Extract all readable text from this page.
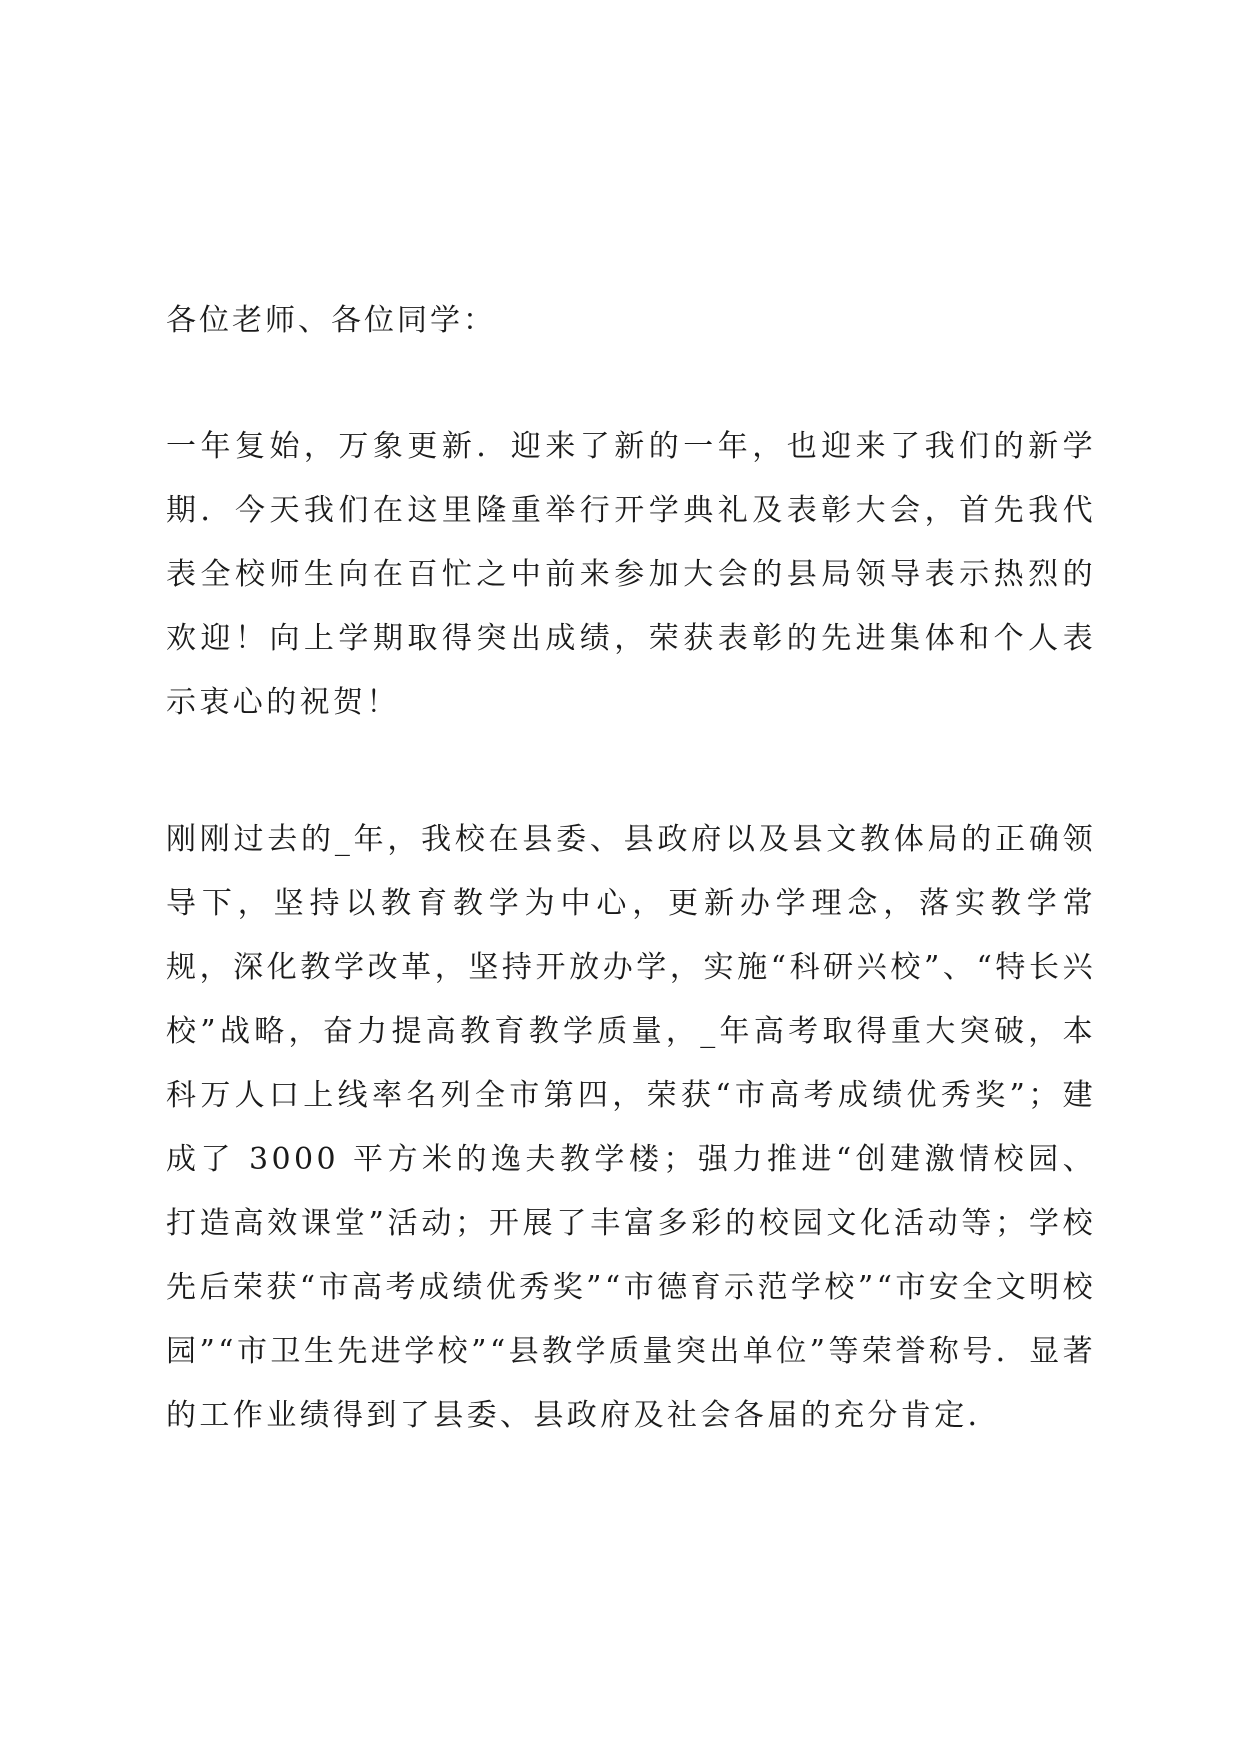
各位老师、各位同学：

一年复始，万象更新．迎来了新的一年，也迎来了我们的新学期．今天我们在这里隆重举行开学典礼及表彰大会，首先我代表全校师生向在百忙之中前来参加大会的县局领导表示热烈的欢迎！向上学期取得突出成绩，荣获表彰的先进集体和个人表示衷心的祝贺！

刚刚过去的_年，我校在县委、县政府以及县文教体局的正确领导下，坚持以教育教学为中心，更新办学理念，落实教学常规，深化教学改革，坚持开放办学，实施“科研兴校”、“特长兴校”战略，奋力提高教育教学质量，_年高考取得重大突破，本科万人口上线率名列全市第四，荣获“市高考成绩优秀奖”；建成了 3000 平方米的逸夫教学楼；强力推进“创建激情校园、打造高效课堂”活动；开展了丰富多彩的校园文化活动等；学校先后荣获“市高考成绩优秀奖”“市德育示范学校”“市安全文明校园”“市卫生先进学校”“县教学质量突出单位”等荣誉称号．显著的工作业绩得到了县委、县政府及社会各届的充分肯定．
